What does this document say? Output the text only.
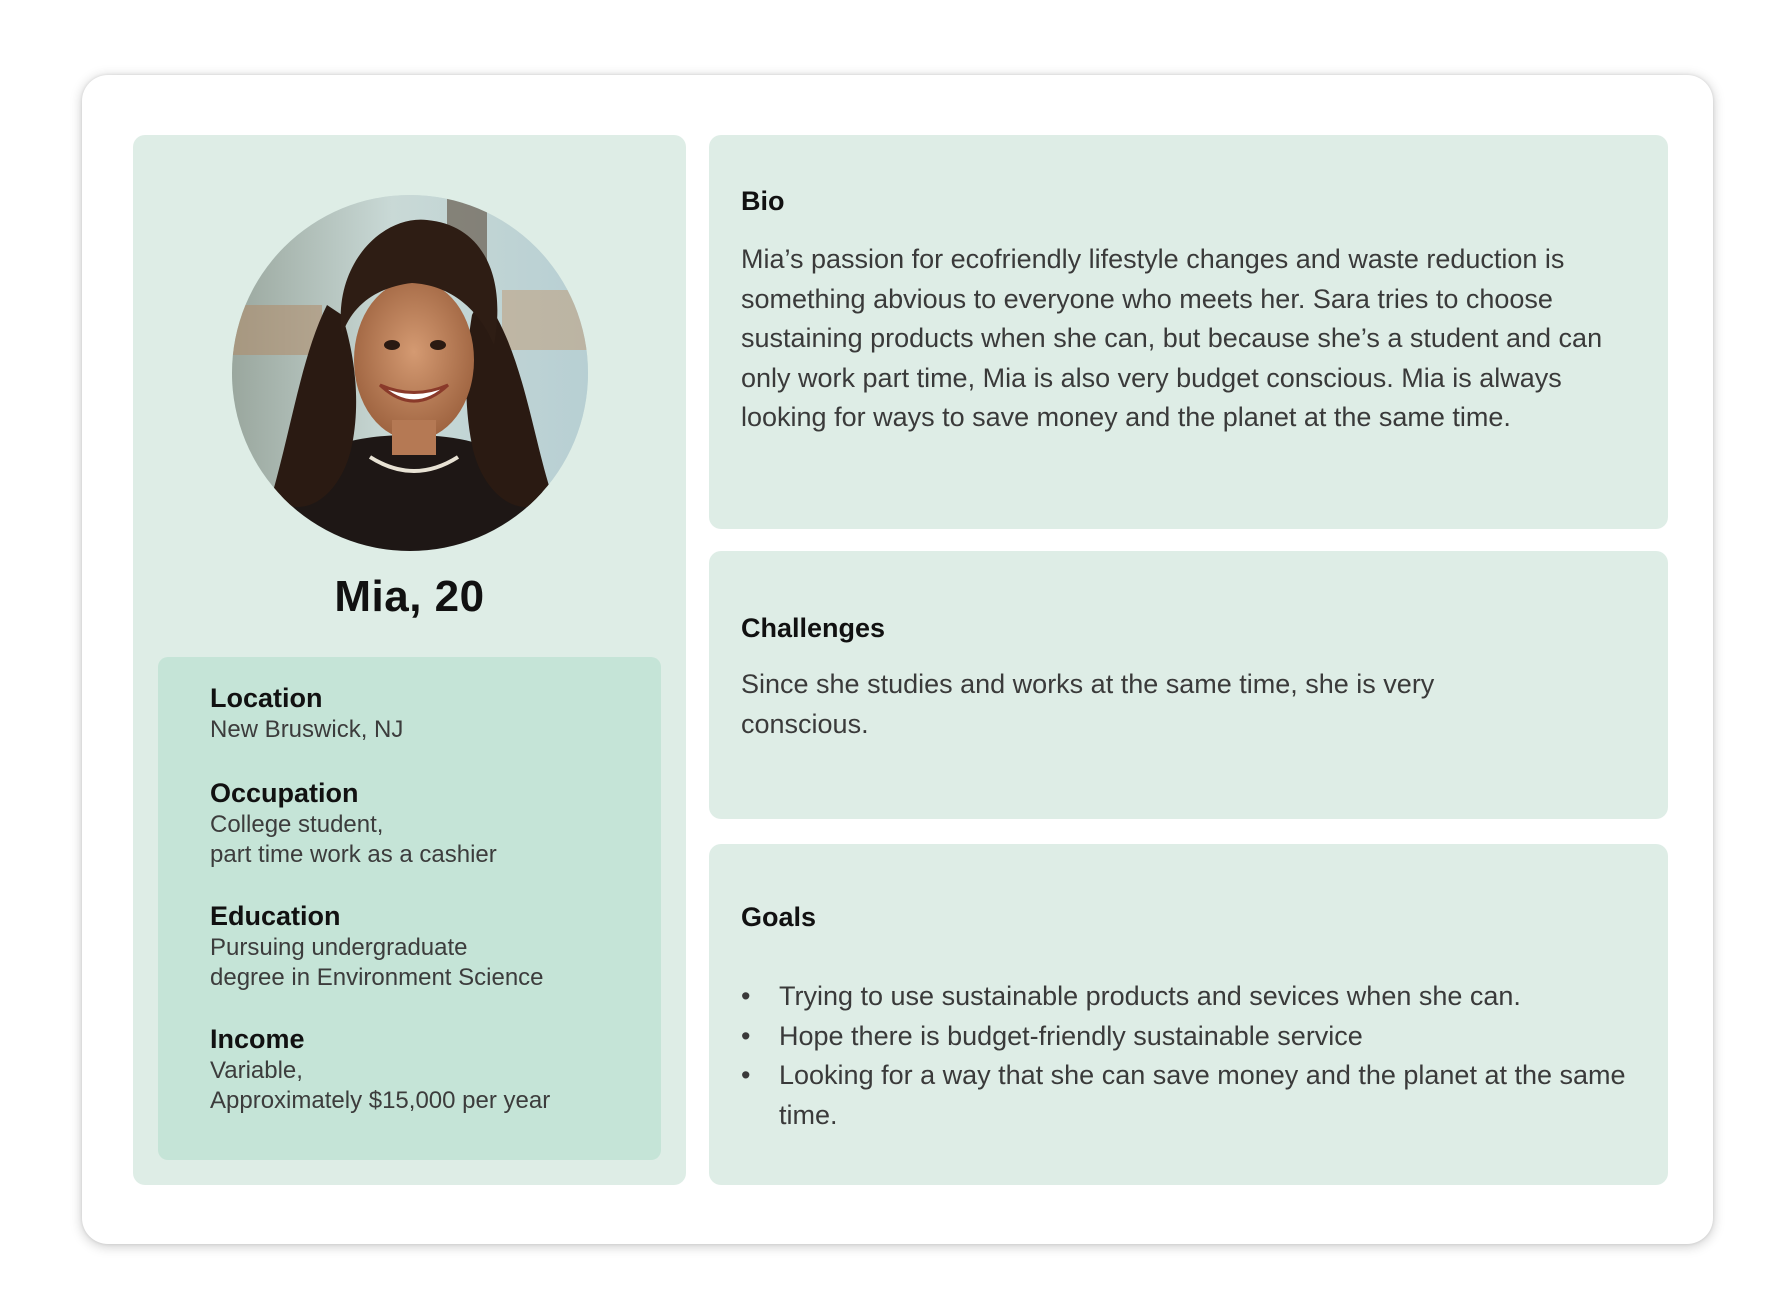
Mia, 20
Location
New Bruswick, NJ
Occupation
College student,
part time work as a cashier
Education
Pursuing undergraduate
degree in Environment Science
Income
Variable,
Approximately $15,000 per year
Bio
Mia’s passion for ecofriendly lifestyle changes and waste reduction is something abvious to everyone who meets her. Sara tries to choose sustaining products when she can, but because she’s a student and can only work part time, Mia is also very budget conscious. Mia is always looking for ways to save money and the planet at the same time.
Challenges
Since she studies and works at the same time, she is very conscious.
Goals
• Trying to use sustainable products and sevices when she can.
• Hope there is budget-friendly sustainable service
• Looking for a way that she can save money and the planet at the same time.
